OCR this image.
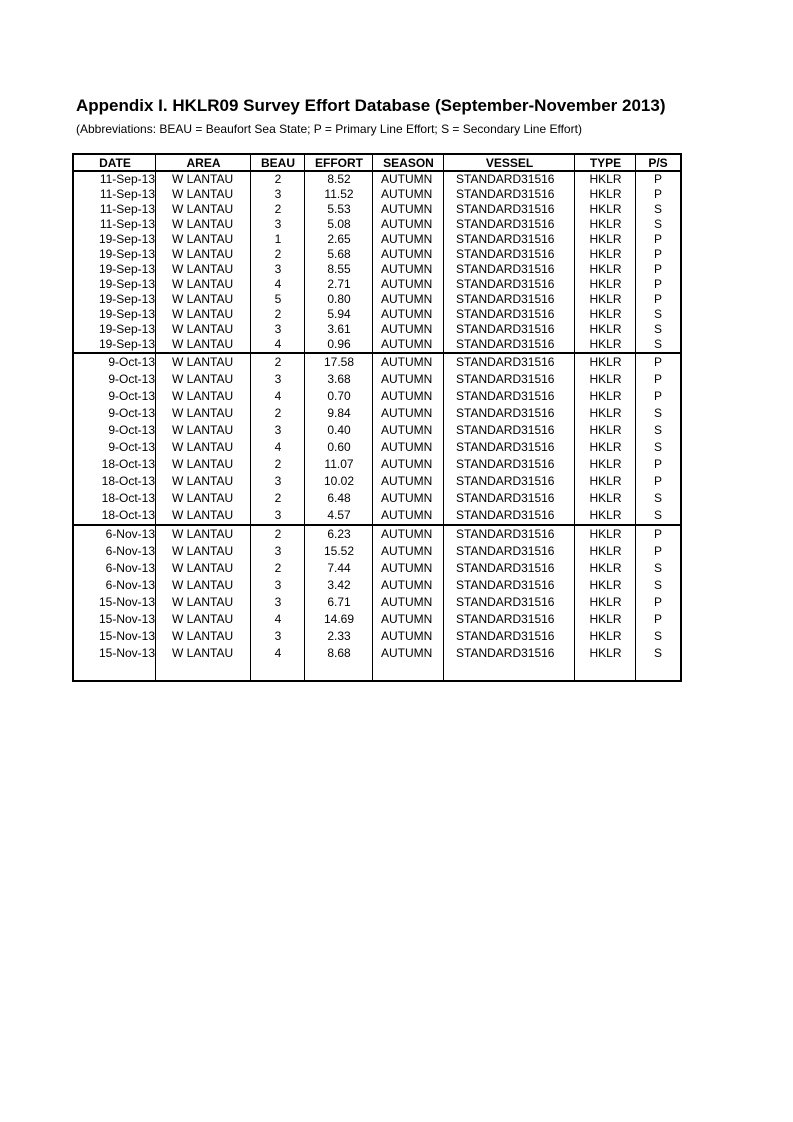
Appendix I. HKLR09 Survey Effort Database (September-November 2013)
(Abbreviations: BEAU = Beaufort Sea State; P = Primary Line Effort; S = Secondary Line Effort)
DATE	AREA	BEAU	EFFORT	SEASON	VESSEL	TYPE	P/S
11-Sep-13	W LANTAU	2	8.52	AUTUMN	STANDARD31516	HKLR	P
11-Sep-13	W LANTAU	3	11.52	AUTUMN	STANDARD31516	HKLR	P
11-Sep-13	W LANTAU	2	5.53	AUTUMN	STANDARD31516	HKLR	S
11-Sep-13	W LANTAU	3	5.08	AUTUMN	STANDARD31516	HKLR	S
19-Sep-13	W LANTAU	1	2.65	AUTUMN	STANDARD31516	HKLR	P
19-Sep-13	W LANTAU	2	5.68	AUTUMN	STANDARD31516	HKLR	P
19-Sep-13	W LANTAU	3	8.55	AUTUMN	STANDARD31516	HKLR	P
19-Sep-13	W LANTAU	4	2.71	AUTUMN	STANDARD31516	HKLR	P
19-Sep-13	W LANTAU	5	0.80	AUTUMN	STANDARD31516	HKLR	P
19-Sep-13	W LANTAU	2	5.94	AUTUMN	STANDARD31516	HKLR	S
19-Sep-13	W LANTAU	3	3.61	AUTUMN	STANDARD31516	HKLR	S
19-Sep-13	W LANTAU	4	0.96	AUTUMN	STANDARD31516	HKLR	S
9-Oct-13	W LANTAU	2	17.58	AUTUMN	STANDARD31516	HKLR	P
9-Oct-13	W LANTAU	3	3.68	AUTUMN	STANDARD31516	HKLR	P
9-Oct-13	W LANTAU	4	0.70	AUTUMN	STANDARD31516	HKLR	P
9-Oct-13	W LANTAU	2	9.84	AUTUMN	STANDARD31516	HKLR	S
9-Oct-13	W LANTAU	3	0.40	AUTUMN	STANDARD31516	HKLR	S
9-Oct-13	W LANTAU	4	0.60	AUTUMN	STANDARD31516	HKLR	S
18-Oct-13	W LANTAU	2	11.07	AUTUMN	STANDARD31516	HKLR	P
18-Oct-13	W LANTAU	3	10.02	AUTUMN	STANDARD31516	HKLR	P
18-Oct-13	W LANTAU	2	6.48	AUTUMN	STANDARD31516	HKLR	S
18-Oct-13	W LANTAU	3	4.57	AUTUMN	STANDARD31516	HKLR	S
6-Nov-13	W LANTAU	2	6.23	AUTUMN	STANDARD31516	HKLR	P
6-Nov-13	W LANTAU	3	15.52	AUTUMN	STANDARD31516	HKLR	P
6-Nov-13	W LANTAU	2	7.44	AUTUMN	STANDARD31516	HKLR	S
6-Nov-13	W LANTAU	3	3.42	AUTUMN	STANDARD31516	HKLR	S
15-Nov-13	W LANTAU	3	6.71	AUTUMN	STANDARD31516	HKLR	P
15-Nov-13	W LANTAU	4	14.69	AUTUMN	STANDARD31516	HKLR	P
15-Nov-13	W LANTAU	3	2.33	AUTUMN	STANDARD31516	HKLR	S
15-Nov-13	W LANTAU	4	8.68	AUTUMN	STANDARD31516	HKLR	S
